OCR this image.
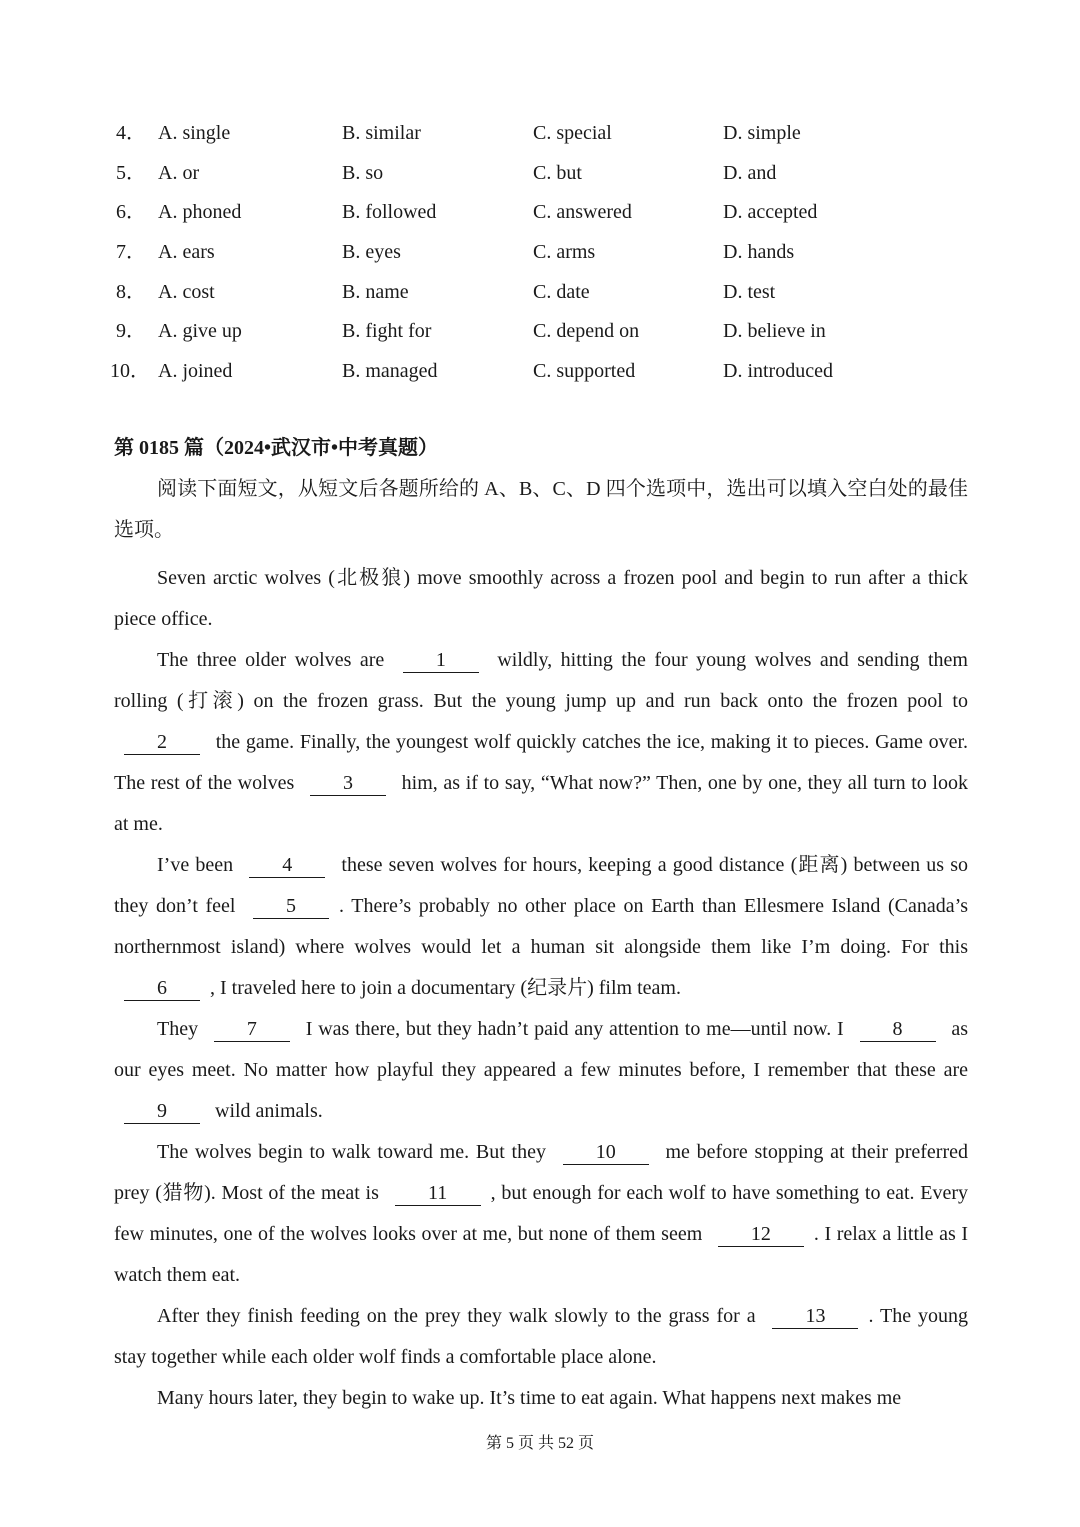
4． A. single	B. similar	C. special	D. simple
5． A. or	B. so	C. but	D. and
6． A. phoned	B. followed	C. answered	D. accepted
7． A. ears	B. eyes	C. arms	D. hands
8． A. cost	B. name	C. date	D. test
9． A. give up	B. fight for	C. depend on	D. believe in
10． A. joined	B. managed	C. supported	D. introduced
第 0185 篇（2024•武汉市•中考真题）

阅读下面短文，从短文后各题所给的 A、B、C、D 四个选项中，选出可以填入空白处的最佳选项。

Seven arctic wolves (北极狼) move smoothly across a frozen pool and begin to run after a thick piece office.

The three older wolves are 1 wildly, hitting the four young wolves and sending them rolling (打滚) on the frozen grass. But the young jump up and run back onto the frozen pool to 2 the game. Finally, the youngest wolf quickly catches the ice, making it to pieces. Game over. The rest of the wolves 3 him, as if to say, “What now?” Then, one by one, they all turn to look at me.

I’ve been 4 these seven wolves for hours, keeping a good distance (距离) between us so they don’t feel 5 . There’s probably no other place on Earth than Ellesmere Island (Canada’s northernmost island) where wolves would let a human sit alongside them like I’m doing. For this 6 , I traveled here to join a documentary (纪录片) film team.

They 7 I was there, but they hadn’t paid any attention to me—until now. I 8 as our eyes meet. No matter how playful they appeared a few minutes before, I remember that these are 9 wild animals.

The wolves begin to walk toward me. But they 10 me before stopping at their preferred prey (猎物). Most of the meat is 11 , but enough for each wolf to have something to eat. Every few minutes, one of the wolves looks over at me, but none of them seem 12 . I relax a little as I watch them eat.

After they finish feeding on the prey they walk slowly to the grass for a 13 . The young stay together while each older wolf finds a comfortable place alone.

Many hours later, they begin to wake up. It’s time to eat again. What happens next makes me

第 5 页 共 52 页
